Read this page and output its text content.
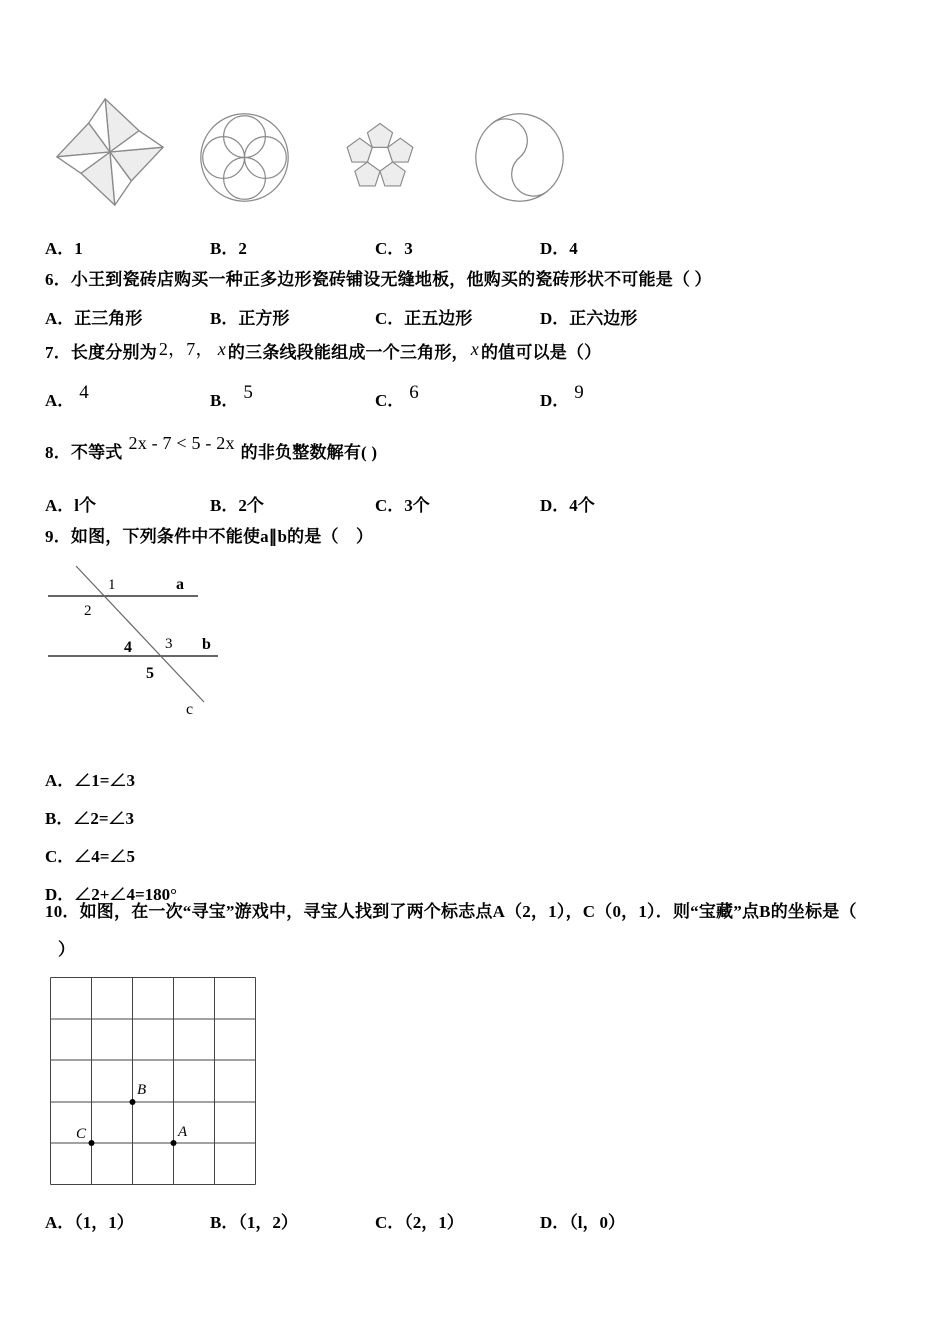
A．1	B．2	C．3	D．4
6．小王到瓷砖店购买一种正多边形瓷砖铺设无缝地板，他购买的瓷砖形状不可能是（ ）
A．正三角形	B．正方形	C．正五边形	D．正六边形
7．长度分别为 2，7， x 的三条线段能组成一个三角形， x 的值可以是（）
A． 4	B． 5	C． 6	D． 9
8．不等式 2x - 7 < 5 - 2x 的非负整数解有( )
A．l个	B．2个	C．3个	D．4个
9．如图，下列条件中不能使a∥b的是（　）
a
1
2
3 b
4
5
c
A．∠1=∠3
B．∠2=∠3
C．∠4=∠5
D．∠2+∠4=180°
10．如图，在一次“寻宝”游戏中，寻宝人找到了两个标志点A（2，1），C（0，1）．则“宝藏”点B的坐标是（
）
B
C	A
A．（1，1）	B．（1，2）	C．（2，1）	D．（l，0）
